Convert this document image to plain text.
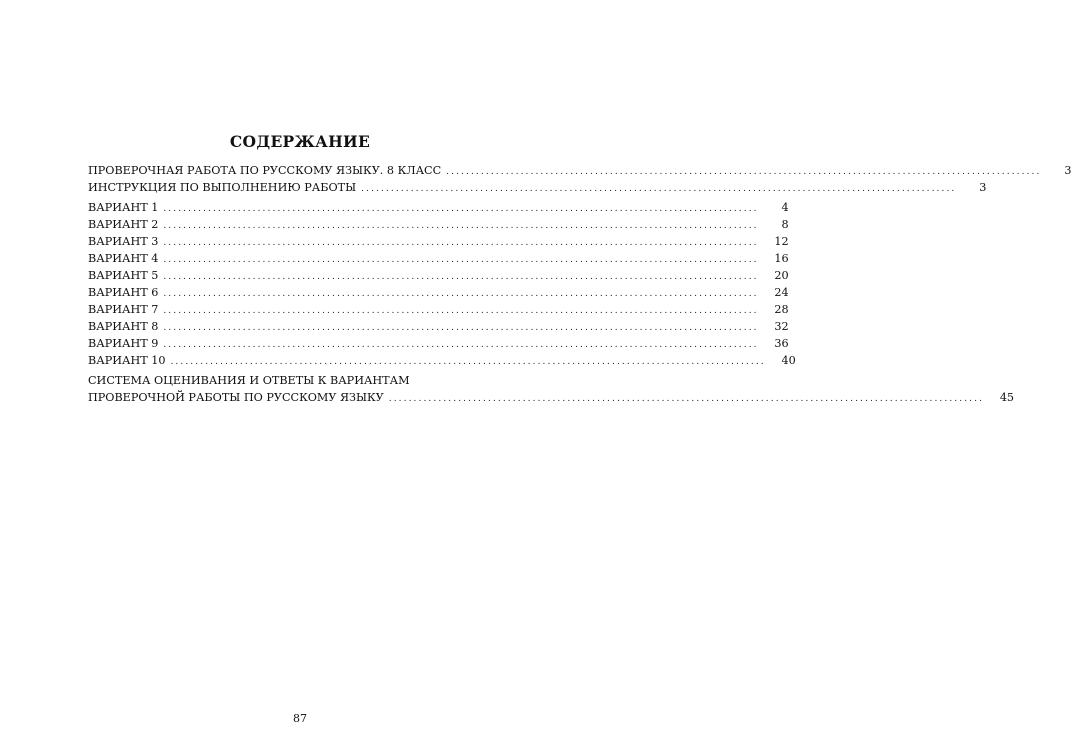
СОДЕРЖАНИЕ
ПРОВЕРОЧНАЯ РАБОТА ПО РУССКОМУ ЯЗЫКУ. 8 КЛАСС ........................................................................................................................	3
ИНСТРУКЦИЯ ПО ВЫПОЛНЕНИЮ РАБОТЫ ........................................................................................................................	3
ВАРИАНТ 1 ........................................................................................................................	4
ВАРИАНТ 2 ........................................................................................................................	8
ВАРИАНТ 3 ........................................................................................................................	12
ВАРИАНТ 4 ........................................................................................................................	16
ВАРИАНТ 5 ........................................................................................................................	20
ВАРИАНТ 6 ........................................................................................................................	24
ВАРИАНТ 7 ........................................................................................................................	28
ВАРИАНТ 8 ........................................................................................................................	32
ВАРИАНТ 9 ........................................................................................................................	36
ВАРИАНТ 10 ........................................................................................................................	40
СИСТЕМА ОЦЕНИВАНИЯ И ОТВЕТЫ К ВАРИАНТАМ
ПРОВЕРОЧНОЙ РАБОТЫ ПО РУССКОМУ ЯЗЫКУ ........................................................................................................................	45
87
